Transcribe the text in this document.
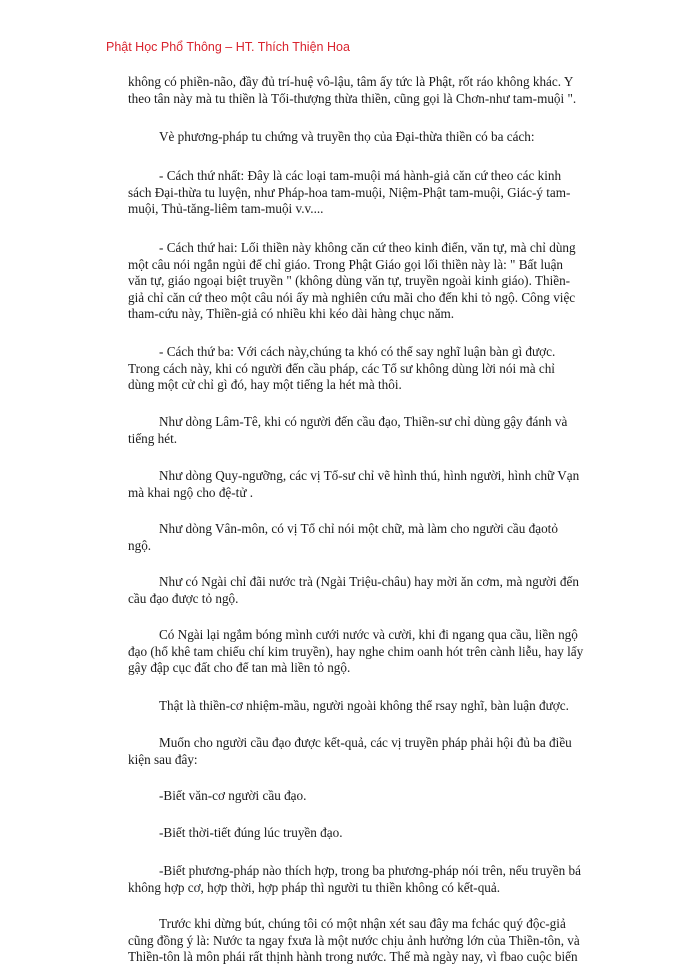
Phật Học Phổ Thông – HT. Thích Thiện Hoa
không có phiền-não, đầy đủ trí-huệ vô-lậu, tâm ấy tức là Phật, rốt ráo không khác. Y
theo tân này mà tu thiền là Tối-thượng thừa thiền, cũng gọi là Chơn-như tam-muội ".
Vè phương-pháp tu chứng và truyền thọ của Đại-thừa thiền có ba cách:
- Cách thứ nhất: Đây là các loại tam-muội má hành-giả căn cứ theo các kinh
sách Đại-thừa tu luyện, như Pháp-hoa tam-muội, Niệm-Phật tam-muội, Giác-ý tam-
muội, Thủ-tăng-liêm tam-muội v.v....
- Cách thứ hai: Lối thiền này không căn cứ theo kinh điển, văn tự, mà chỉ dùng
một câu nói ngắn ngủi để chỉ giáo. Trong Phật Giáo gọi lối thiền này là: " Bất luận
văn tự, giáo ngoại biệt truyền " (không dùng văn tự, truyền ngoài kinh giáo). Thiền-
giả chỉ căn cứ theo một câu nói ấy mà nghiên cứu mãi cho đến khi tỏ ngộ. Công việc
tham-cứu này, Thiền-giả có nhiều khi kéo dài hàng chục năm.
- Cách thứ ba: Với cách này,chúng ta khó có thể say nghĩ luận bàn gì được.
Trong cách này, khi có người đến cầu pháp, các Tổ sư không dùng lời nói mà chỉ
dùng một cử chỉ gì đó, hay một tiếng la hét mà thôi.
Như dòng Lâm-Tê, khi có người đến cầu đạo, Thiền-sư chỉ dùng gậy đánh và
tiếng hét.
Như dòng Quy-ngưỡng, các vị Tổ-sư chỉ vẽ hình thú, hình người, hình chữ Vạn
mà khai ngộ cho đệ-tử .
Như dòng Vân-môn, có vị Tổ chỉ nói một chữ, mà làm cho người cầu đạotỏ
ngộ.
Như có Ngài chỉ đãi nước trà (Ngài Triệu-châu) hay mời ăn cơm, mà người đến
cầu đạo được tỏ ngộ.
Có Ngài lại ngắm bóng mình cưới nước và cười, khi đi ngang qua cầu, liền ngộ
đạo (hổ khê tam chiếu chí kim truyền), hay nghe chim oanh hót trên cành liễu, hay lấy
gậy đập cục đất cho để tan mà liền tỏ ngộ.
Thật là thiền-cơ nhiệm-mầu, người ngoài không thể rsay nghĩ, bàn luận được.
Muốn cho người cầu đạo được kết-quả, các vị truyền pháp phải hội đủ ba điều
kiện sau đây:
-Biết văn-cơ người cầu đạo.
-Biết thời-tiết đúng lúc truyền đạo.
-Biết phương-pháp nào thích hợp, trong ba phương-pháp nói trên, nếu truyền bá
không hợp cơ, hợp thời, hợp pháp thì người tu thiền không có kết-quả.
Trước khi dừng bút, chúng tôi có một nhận xét sau đây ma fchác quý độc-giả
cũng đồng ý là: Nước ta ngay fxưa là một nước chịu ảnh hưởng lớn của Thiền-tôn, và
Thiền-tôn là môn phái rất thịnh hành trong nước. Thế mà ngày nay, vì fbao cuộc biến
